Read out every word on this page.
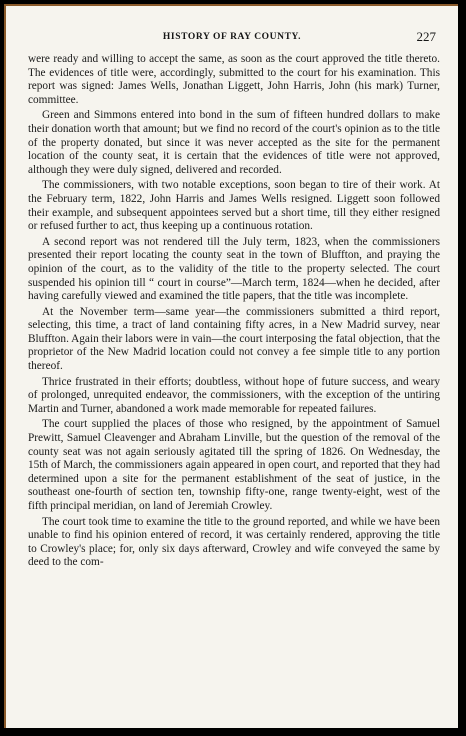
HISTORY OF RAY COUNTY.	227

were ready and willing to accept the same, as soon as the court approved the title thereto. The evidences of title were, accordingly, submitted to the court for his examination. This report was signed: James Wells, Jonathan Liggett, John Harris, John (his mark) Turner, committee.

Green and Simmons entered into bond in the sum of fifteen hundred dollars to make their donation worth that amount; but we find no record of the court's opinion as to the title of the property donated, but since it was never accepted as the site for the permanent location of the county seat, it is certain that the evidences of title were not approved, although they were duly signed, delivered and recorded.

The commissioners, with two notable exceptions, soon began to tire of their work. At the February term, 1822, John Harris and James Wells resigned. Liggett soon followed their example, and subsequent appointees served but a short time, till they either resigned or refused further to act, thus keeping up a continuous rotation.

A second report was not rendered till the July term, 1823, when the commissioners presented their report locating the county seat in the town of Bluffton, and praying the opinion of the court, as to the validity of the title to the property selected. The court suspended his opinion till “ court in course”—March term, 1824—when he decided, after having carefully viewed and examined the title papers, that the title was incomplete.

At the November term—same year—the commissioners submitted a third report, selecting, this time, a tract of land containing fifty acres, in a New Madrid survey, near Bluffton. Again their labors were in vain—the court interposing the fatal objection, that the proprietor of the New Madrid location could not convey a fee simple title to any portion thereof.

Thrice frustrated in their efforts; doubtless, without hope of future success, and weary of prolonged, unrequited endeavor, the commissioners, with the exception of the untiring Martin and Turner, abandoned a work made memorable for repeated failures.

The court supplied the places of those who resigned, by the appointment of Samuel Prewitt, Samuel Cleavenger and Abraham Linville, but the question of the removal of the county seat was not again seriously agitated till the spring of 1826. On Wednesday, the 15th of March, the commissioners again appeared in open court, and reported that they had determined upon a site for the permanent establishment of the seat of justice, in the southeast one-fourth of section ten, township fifty-one, range twenty-eight, west of the fifth principal meridian, on land of Jeremiah Crowley.

The court took time to examine the title to the ground reported, and while we have been unable to find his opinion entered of record, it was certainly rendered, approving the title to Crowley's place; for, only six days afterward, Crowley and wife conveyed the same by deed to the com-
